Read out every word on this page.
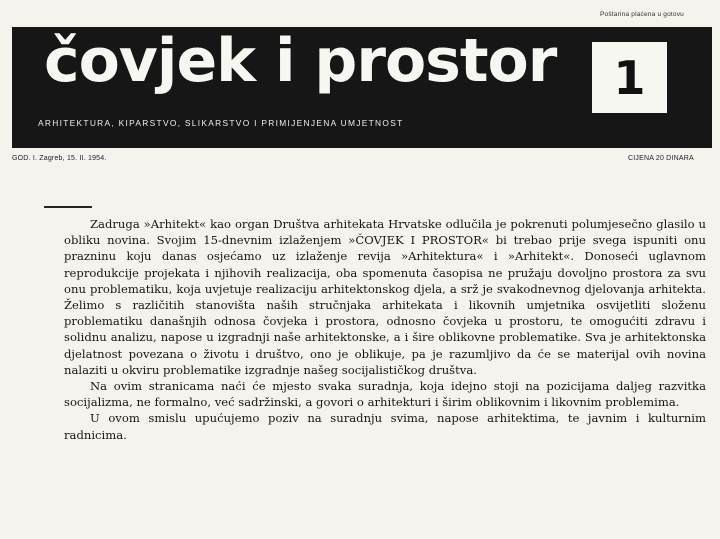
Poštarina plaćena u gotovu
čovjek i prostor
ARHITEKTURA, KIPARSTVO, SLIKARSTVO I PRIMIJENJENA UMJETNOST
1
GOD. I. Zagreb, 15. II. 1954.	CIJENA 20 DINARA

Zadruga »Arhitekt« kao organ Društva arhitekata Hrvatske odlučila je pokrenuti polumjesečno glasilo u obliku novina. Svojim 15-dnevnim izlaženjem »ČOVJEK I PROSTOR« bi trebao prije svega ispuniti onu prazninu koju danas osjećamo uz izlaženje revija »Arhitektura« i »Arhitekt«. Donoseći uglavnom reprodukcije projekata i njihovih realizacija, oba spomenuta časopisa ne pružaju dovoljno prostora za svu onu problematiku, koja uvjetuje realizaciju arhitektonskog djela, a srž je svakodnevnog djelovanja arhitekta. Želimo s različitih stanovišta naših stručnjaka arhitekata i likovnih umjetnika osvijetliti složenu problematiku današnjih odnosa čovjeka i prostora, odnosno čovjeka u prostoru, te omogućiti zdravu i solidnu analizu, napose u izgradnji naše arhitektonske, a i šire oblikovne problematike. Sva je arhitektonska djelatnost povezana o životu i društvo, ono je oblikuje, pa je razumljivo da će se materijal ovih novina nalaziti u okviru problematike izgradnje našeg socijalističkog društva.

Na ovim stranicama naći će mjesto svaka suradnja, koja idejno stoji na pozicijama daljeg razvitka socijalizma, ne formalno, već sadržinski, a govori o arhitekturi i širim oblikovnim i likovnim problemima.

U ovom smislu upućujemo poziv na suradnju svima, napose arhitektima, te javnim i kulturnim radnicima.
